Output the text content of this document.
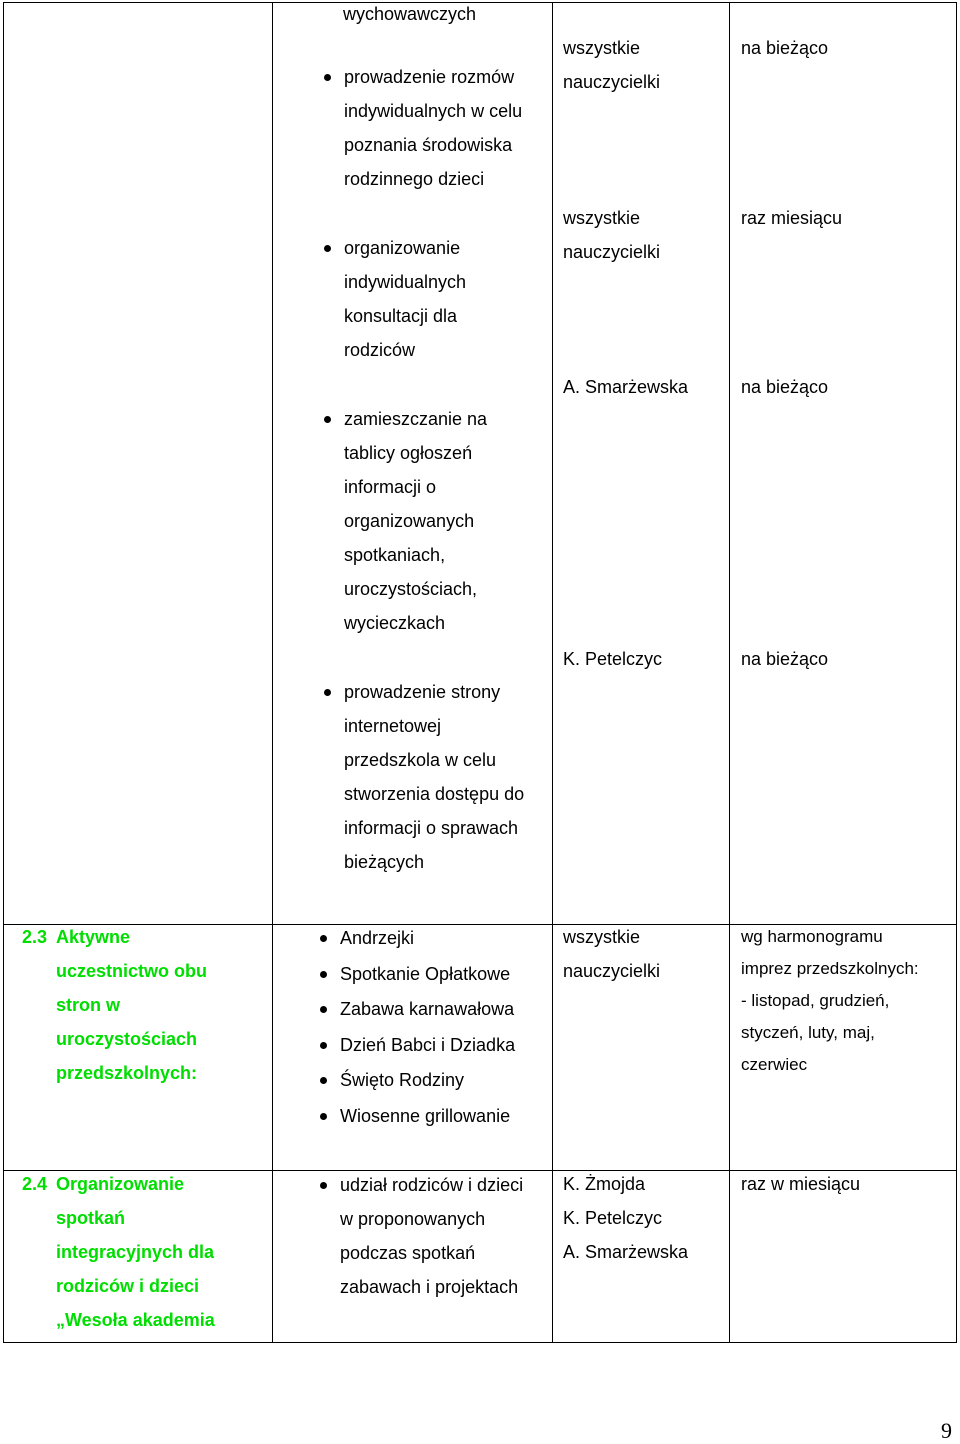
wychowawczych
prowadzenie rozmów
indywidualnych w celu
poznania środowiska
rodzinnego dzieci
wszystkie
nauczycielki
na bieżąco
organizowanie
indywidualnych
konsultacji dla
rodziców
wszystkie
nauczycielki
raz miesiącu
zamieszczanie na
tablicy ogłoszeń
informacji o
organizowanych
spotkaniach,
uroczystościach,
wycieczkach
A. Smarżewska	na bieżąco
prowadzenie strony
internetowej
przedszkola w celu
stworzenia dostępu do
informacji o sprawach
bieżących
K. Petelczyc	na bieżąco
2.3 Aktywne
uczestnictwo obu
stron w
uroczystościach
przedszkolnych:
Andrzejki
Spotkanie Opłatkowe
Zabawa karnawałowa
Dzień Babci i Dziadka
Święto Rodziny
Wiosenne grillowanie
wszystkie
nauczycielki
wg harmonogramu
imprez przedszkolnych:
- listopad, grudzień,
styczeń, luty, maj,
czerwiec
2.4 Organizowanie
spotkań
integracyjnych dla
rodziców i dzieci
„Wesoła akademia
udział rodziców i dzieci
w proponowanych
podczas spotkań
zabawach i projektach
K. Żmojda
K. Petelczyc
A. Smarżewska
raz w miesiącu
9
